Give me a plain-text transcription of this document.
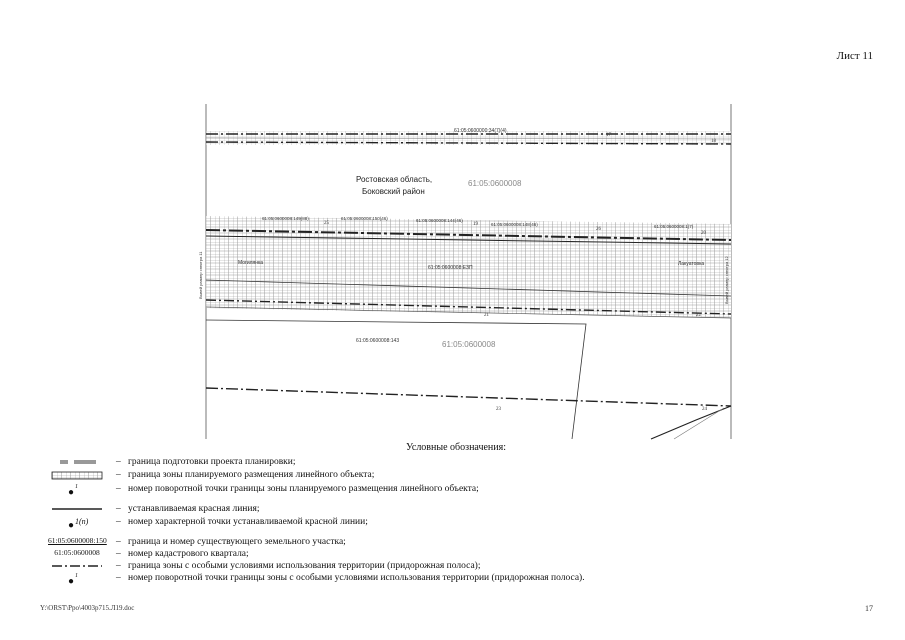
Лист 11
17
18
19
20
21	22
23	24
25
26
61:05:0600000:34(7)(4)
61:05:0600008:149(88)	61:05:0600008:150(46)	61:05:0600008:144(46)
61:05:0600008:148(46)	61:05:0600008:1(7)
61:05:0600008:ЕЗП
61:05:0600008:143
Ростовская область,
Боковский район
61:05:0600008
61:05:0600008
Могилянка	Лакуатовка
Вывей размер спектра 11	Вывей размер спектра 12
Условные обозначения:
– граница подготовки проекта планировки;
– граница зоны планируемого размещения линейного объекта;
● 1	– номер поворотной точки границы зоны планируемого размещения линейного объекта;
– устанавливаемая красная линия;
● 1(n)	– номер характерной точки устанавливаемой красной линии;
61:05:0600008:150 – граница и номер существующего земельного участка;
61:05:0600008	– номер кадастрового квартала;
– граница зоны с особыми условиями использования территории (придорожная полоса);
● 1	– номер поворотной точки границы зоны с особыми условиями использования территории (придорожная полоса).
Y:\ORST\Ppo\4003р715.Л19.doc	17
